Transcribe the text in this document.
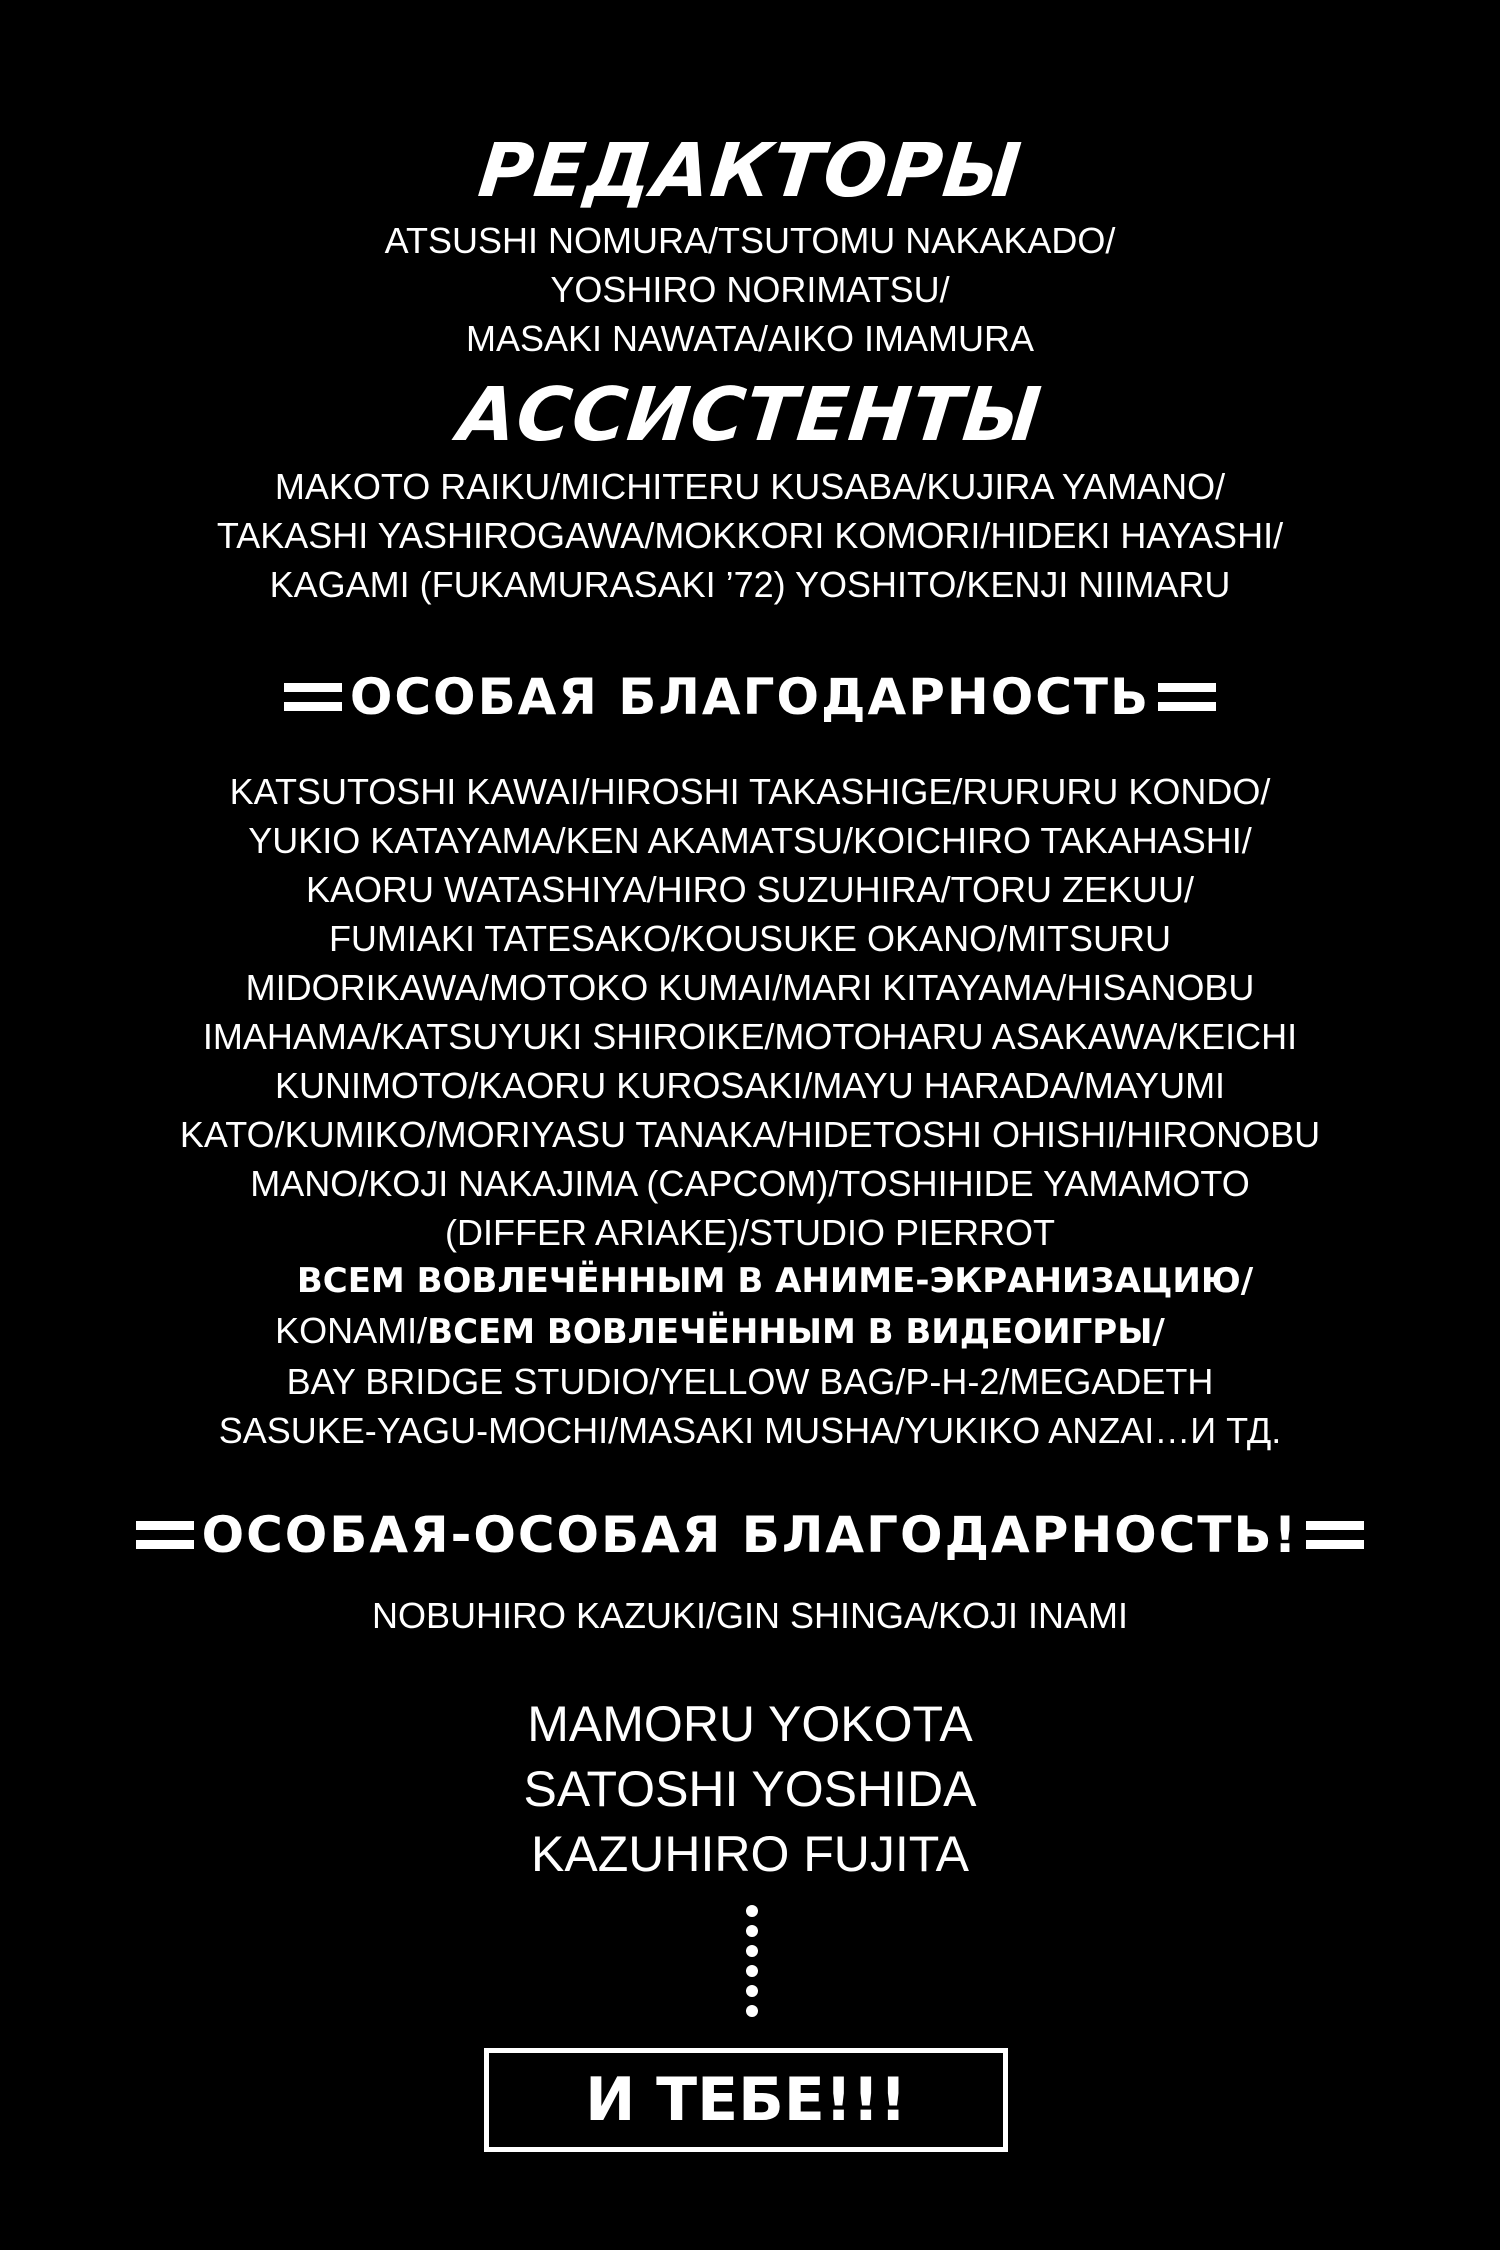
РЕДАКТОРЫ
ATSUSHI NOMURA/TSUTOMU NAKAKADO/
YOSHIRO NORIMATSU/
MASAKI NAWATA/AIKO IMAMURA
АССИСТЕНТЫ
MAKOTO RAIKU/MICHITERU KUSABA/KUJIRA YAMANO/
TAKASHI YASHIROGAWA/MOKKORI KOMORI/HIDEKI HAYASHI/
KAGAMI (FUKAMURASAKI ’72) YOSHITO/KENJI NIIMARU
ОСОБАЯ БЛАГОДАРНОСТЬ
KATSUTOSHI KAWAI/HIROSHI TAKASHIGE/RURURU KONDO/
YUKIO KATAYAMA/KEN AKAMATSU/KOICHIRO TAKAHASHI/
KAORU WATASHIYA/HIRO SUZUHIRA/TORU ZEKUU/
FUMIAKI TATESAKO/KOUSUKE OKANO/MITSURU
MIDORIKAWA/MOTOKO KUMAI/MARI KITAYAMA/HISANOBU
IMAHAMA/KATSUYUKI SHIROIKE/MOTOHARU ASAKAWA/KEICHI
KUNIMOTO/KAORU KUROSAKI/MAYU HARADA/MAYUMI
KATO/KUMIKO/MORIYASU TANAKA/HIDETOSHI OHISHI/HIRONOBU
MANO/KOJI NAKAJIMA (CAPCOM)/TOSHIHIDE YAMAMOTO
(DIFFER ARIAKE)/STUDIO PIERROT
ВСЕМ ВОВЛЕЧЁННЫМ В АНИМЕ-ЭКРАНИЗАЦИЮ/
KONAMI/ВСЕМ ВОВЛЕЧЁННЫМ В ВИДЕОИГРЫ/
BAY BRIDGE STUDIO/YELLOW BAG/P-H-2/MEGADETH
SASUKE-YAGU-MOCHI/MASAKI MUSHA/YUKIKO ANZAI…И ТД.
ОСОБАЯ-ОСОБАЯ БЛАГОДАРНОСТЬ!
NOBUHIRO KAZUKI/GIN SHINGA/KOJI INAMI
MAMORU YOKOTA
SATOSHI YOSHIDA
KAZUHIRO FUJITA
И ТЕБЕ!!!
